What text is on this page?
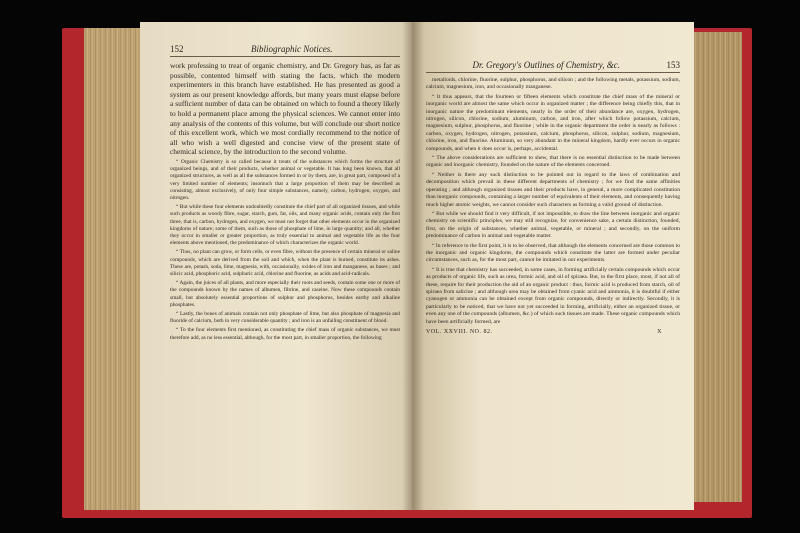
152	Bibliographic Notices.

work professing to treat of organic chemistry, and Dr. Gregory has, as far as possible, contented himself with stating the facts, which the modern experimenters in this branch have established. He has presented as good a system as our present knowledge affords, but many years must elapse before a sufficient number of data can be obtained on which to found a theory likely to hold a permanent place among the physical sciences. We cannot enter into any analysis of the contents of this volume, but will conclude our short notice of this excellent work, which we most cordially recommend to the notice of all who wish a well digested and concise view of the present state of chemical science, by the introduction to the second volume.

“ Organic Chemistry is so called because it treats of the substances which forms the structure of organized beings, and of their products, whether animal or vegetable. It has long been known, that all organized structures, as well as all the substances formed in or by them, are, in great part, composed of a very limited number of elements; insomuch that a large proportion of them may be described as consisting, almost exclusively, of only four simple substances, namely, carbon, hydrogen, oxygen, and nitrogen.

“ But while these four elements undoubtedly constitute the chief part of all organized tissues, and while such products as woody fibre, sugar, starch, gum, fat, oils, and many organic acids, contain only the first three, that is, carbon, hydrogen, and oxygen, we must not forget that other elements occur in the organized kingdoms of nature; some of them, such as those of phosphate of lime, in large quantity; and all, whether they occur in smaller or greater proportion, as truly essential to animal and vegetable life as the four elements above mentioned, the predominance of which characterizes the organic world.

“ Thus, no plant can grow, or form cells, or even fibre, without the presence of certain mineral or saline compounds, which are derived from the soil and which, when the plant is burned, constitute its ashes. These are, potash, soda, lime, magnesia, with, occasionally, oxides of iron and manganese, as bases ; and silicic acid, phosphoric acid, sulphuric acid, chlorine and fluorine, as acids and acid-radicals.

“ Again, the juices of all plants, and more especially their roots and seeds, contain some one or more of the compounds known by the names of albumen, fibrine, and caseine. Now these compounds contain small, but absolutely essential proportions of sulphur and phosphorus, besides earthy and alkaline phosphates.

“ Lastly, the bones of animals contain not only phosphate of lime, but also phosphate of magnesia and fluoride of calcium, both in very considerable quantity ; and iron is an unfailing constituent of blood.

“ To the four elements first mentioned, as constituting the chief mass of organic substances, we must therefore add, as no less essential, although, for the most part, in smaller proportion, the following

Dr. Gregory's Outlines of Chemistry, &c.	153

metalloids, chlorine, fluorine, sulphur, phosphorus, and silicon ; and the following metals, potassium, sodium, calcium, magnesium, iron, and occasionally manganese.

“ It thus appears, that the fourteen or fifteen elements which constitute the chief mass of the mineral or inorganic world are almost the same which occur in organized matter ; the difference being chiefly this, that in inorganic nature the predominant elements, nearly in the order of their abundance are, oxygen, hydrogen, nitrogen, silicon, chlorine, sodium, aluminum, carbon, and iron, after which follow potassium, calcium, magnesium, sulphur, phosphorus, and fluorine ; while in the organic department the order is nearly as follows : carbon, oxygen, hydrogen, nitrogen, potassium, calcium, phosphorus, silicon, sulphur, sodium, magnesium, chlorine, iron, and fluorine. Aluminum, so very abundant in the mineral kingdom, hardly ever occurs in organic compounds, and when it does occur is, perhaps, accidental.

“ The above considerations are sufficient to shew, that there is no essential distinction to be made between organic and inorganic chemistry, founded on the nature of the elements concerned.

“ Neither is there any such distinction to be pointed out in regard to the laws of combination and decomposition which prevail in these different departments of chemistry ; for we find the same affinities operating ; and although organized tissues and their products have, in general, a more complicated constitution than inorganic compounds, containing a larger number of equivalents of their elements, and consequently having much higher atomic weights, we cannot consider such characters as forming a valid ground of distinction.

“ But while we should find it very difficult, if not impossible, to draw the line between inorganic and organic chemistry on scientific principles, we may still recognize, for convenience sake, a certain distinction, founded, first, on the origin of substances, whether animal, vegetable, or mineral ; and secondly, on the uniform predominance of carbon in animal and vegetable matter.

“ In reference to the first point, it is to be observed, that although the elements concerned are those common to the inorganic and organic kingdoms, the compounds which constitute the latter are formed under peculiar circumstances, such as, for the most part, cannot be imitated in our experiments.

“ It is true that chemistry has succeeded, in some cases, in forming artificially certain compounds which occur as products of organic life, such as urea, formic acid, and oil of spiraea. But, in the first place, most, if not all of these, require for their production the aid of an organic product : thus, formic acid is produced from starch, oil of spiraea from salicine ; and although urea may be obtained from cyanic acid and ammonia, it is doubtful if either cyanogen or ammonia can be obtained except from organic compounds, directly or indirectly. Secondly, it is particularly to be noticed, that we have not yet succeeded in forming, artificially, either an organized tissue, or even any one of the compounds (albumen, &c.) of which such tissues are made. These organic compounds which have been artificially formed, are

VOL. XXVIII. NO. 82.	X
